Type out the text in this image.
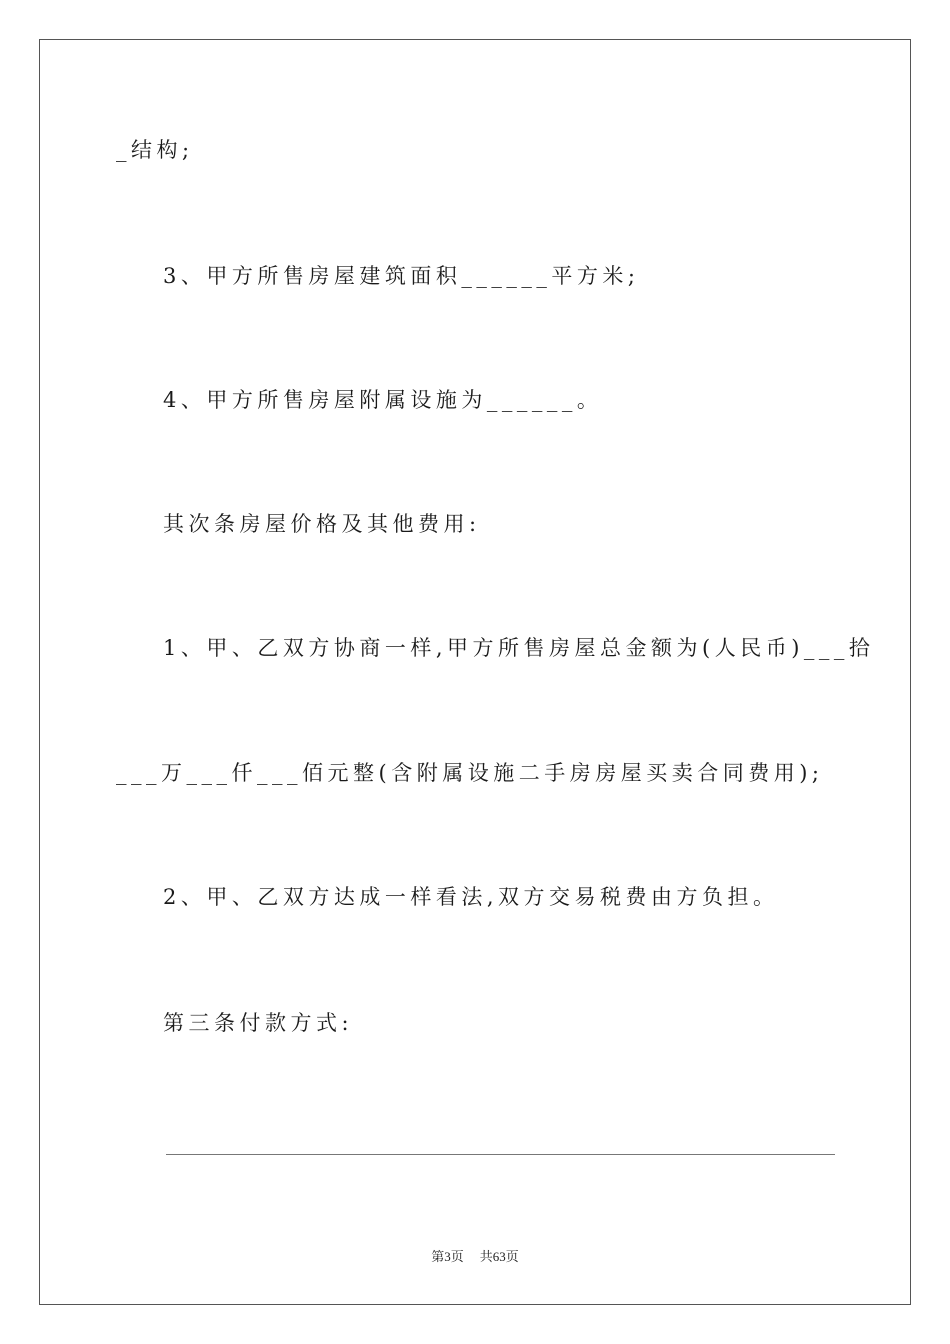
_结构;
3、甲方所售房屋建筑面积______平方米;
4、甲方所售房屋附属设施为______。
其次条房屋价格及其他费用:
1、甲、乙双方协商一样,甲方所售房屋总金额为(人民币)___拾
___万___仟___佰元整(含附属设施二手房房屋买卖合同费用);
2、甲、乙双方达成一样看法,双方交易税费由方负担。
第三条付款方式:
第3页 共63页
